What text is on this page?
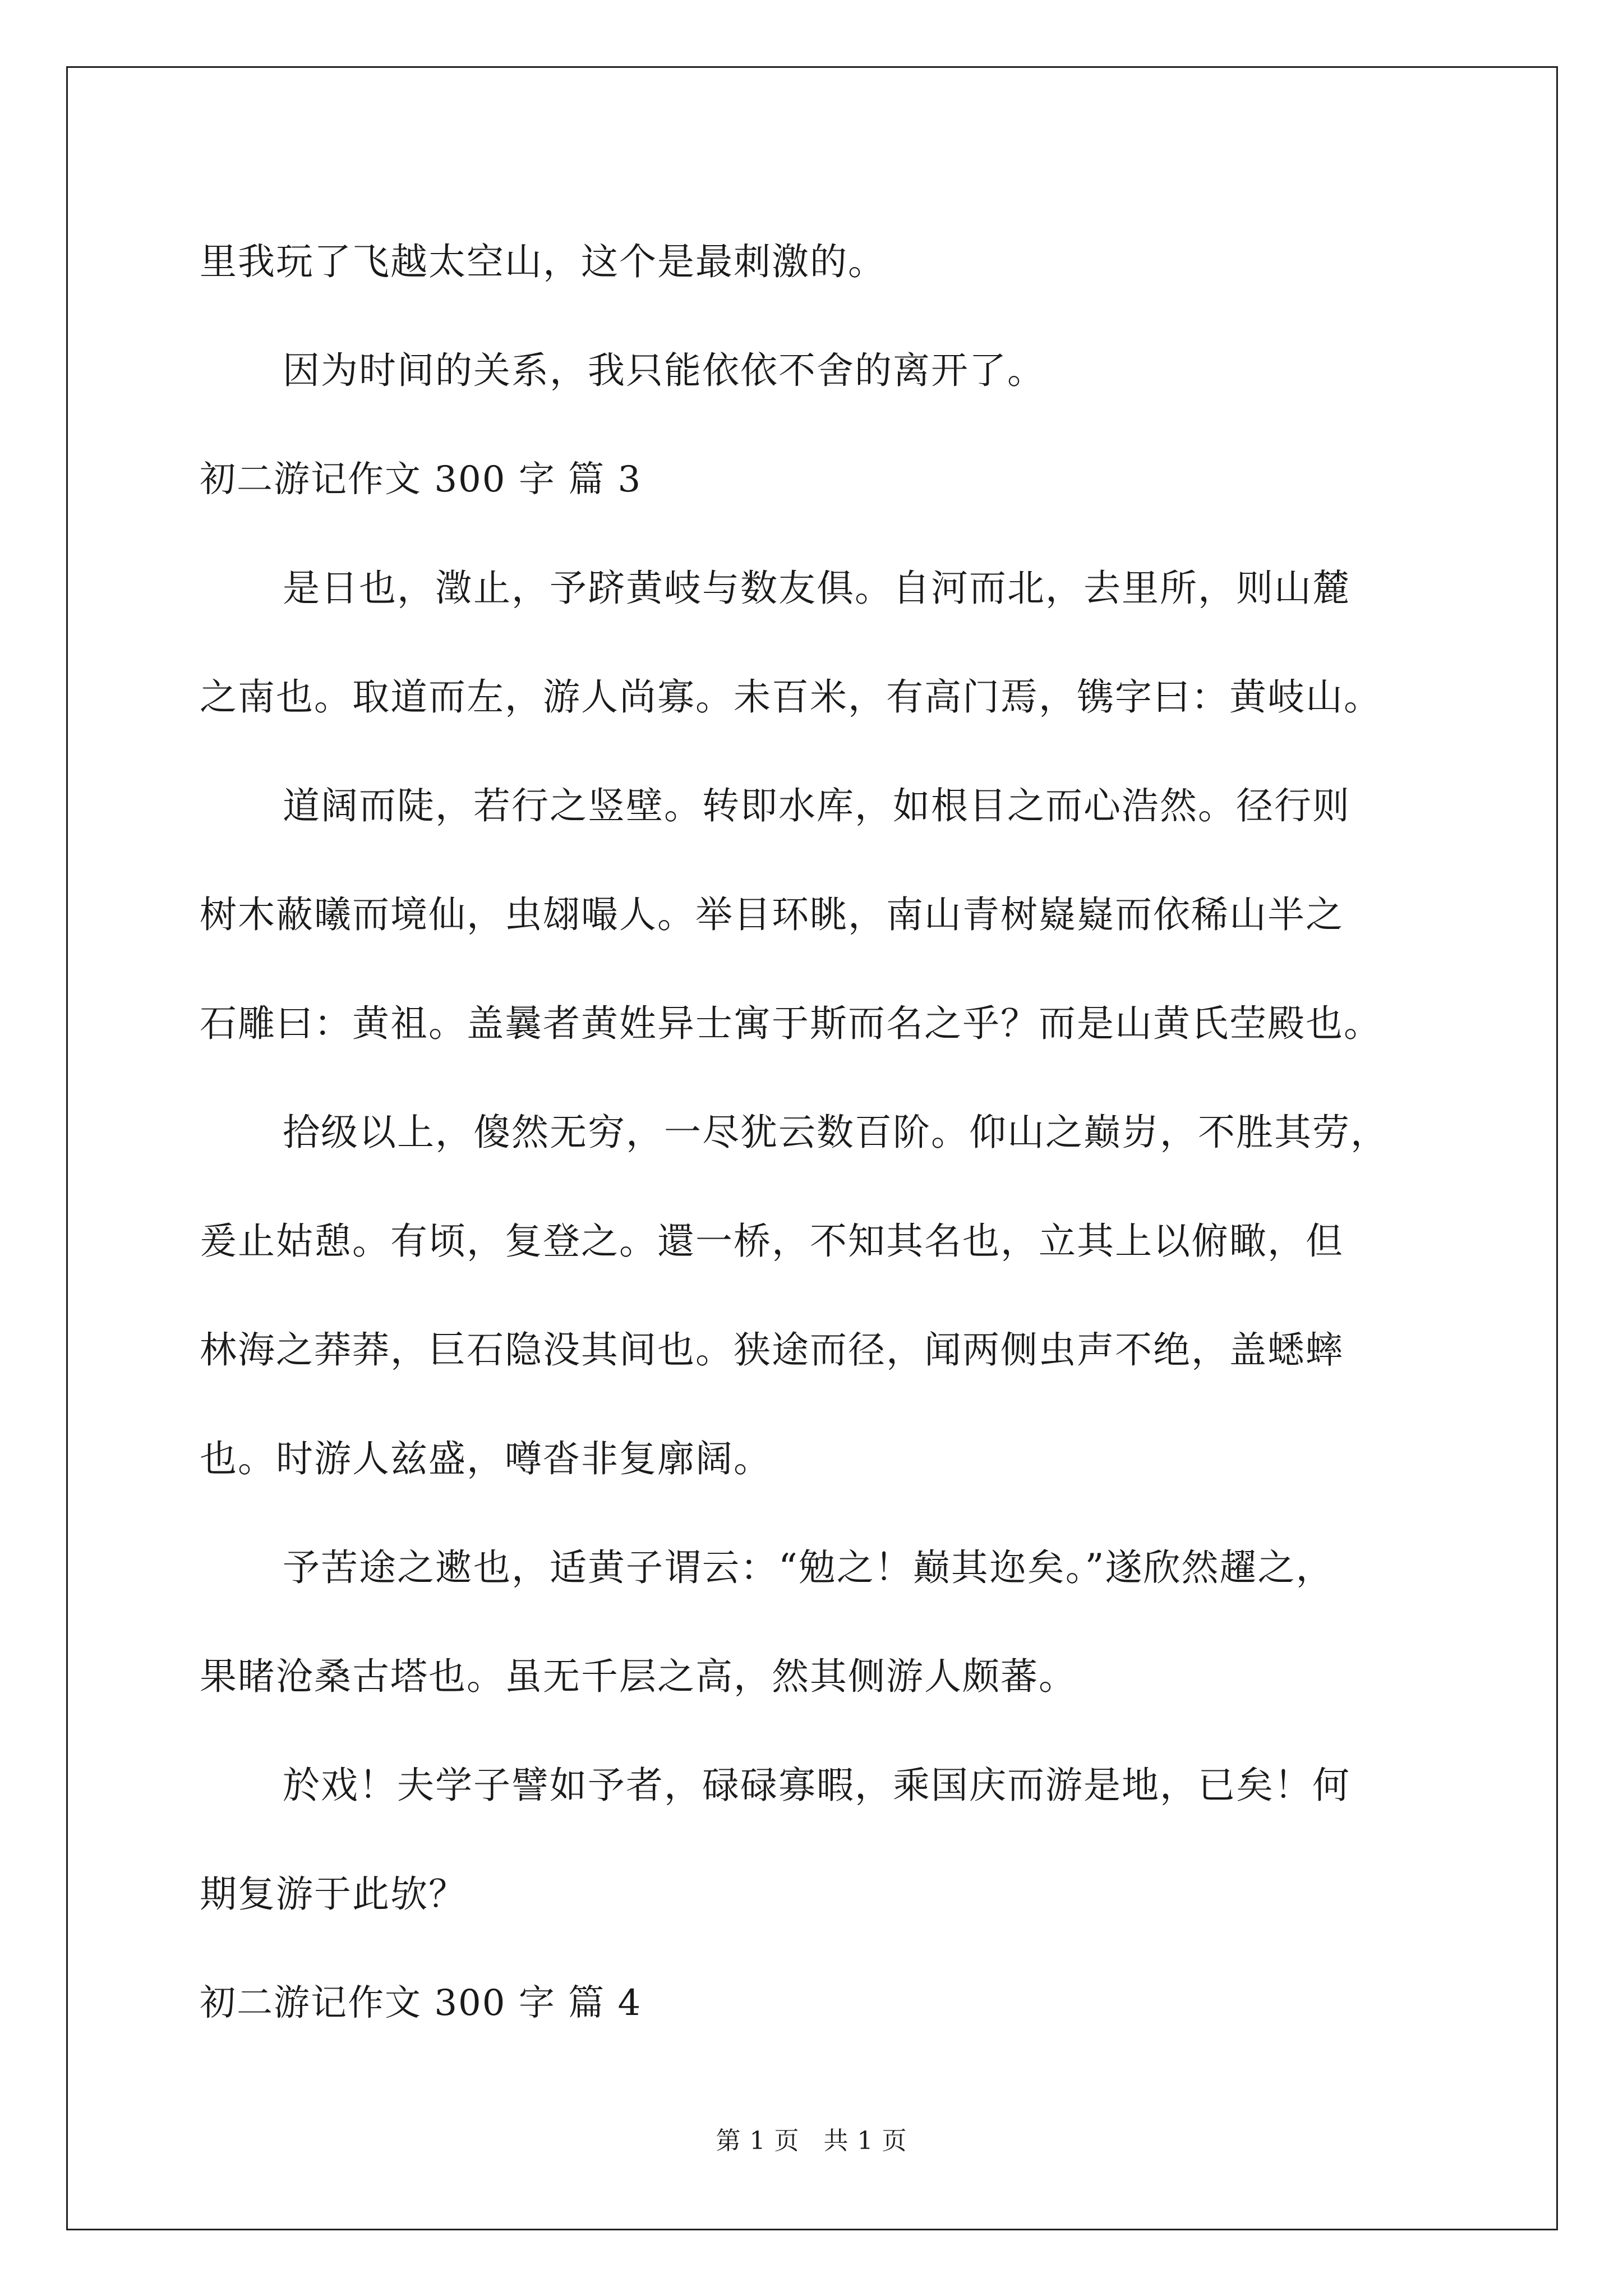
里我玩了飞越太空山，这个是最刺激的。
因为时间的关系，我只能依依不舍的离开了。
初二游记作文 300 字 篇 3
是日也，澂止，予跻黄岐与数友俱。自河而北，去里所，则山麓
之南也。取道而左，游人尚寡。未百米，有高门焉，镌字曰：黄岐山。
道阔而陡，若行之竖壁。转即水库，如根目之而心浩然。径行则
树木蔽曦而境仙，虫翃嘬人。举目环眺，南山青树嶷嶷而依稀山半之
石雕曰：黄祖。盖曩者黄姓异士寓于斯而名之乎？而是山黄氏茔殿也。
拾级以上，傻然无穷，一尽犹云数百阶。仰山之巅岃，不胜其劳，
爰止姑憩。有顷，复登之。還一桥，不知其名也，立其上以俯瞰，但
林海之莽莽，巨石隐没其间也。狭途而径，闻两侧虫声不绝，盖蟋蟀
也。时游人兹盛，噂沓非复廓阔。
予苦途之遬也，适黄子谓云：“勉之！巅其迩矣。”遂欣然趯之，
果睹沧桑古塔也。虽无千层之高，然其侧游人颇蕃。
於戏！夫学子譬如予者，碌碌寡暇，乘国庆而游是地，已矣！何
期复游于此欤？
初二游记作文 300 字 篇 4
第 1 页 共 1 页
